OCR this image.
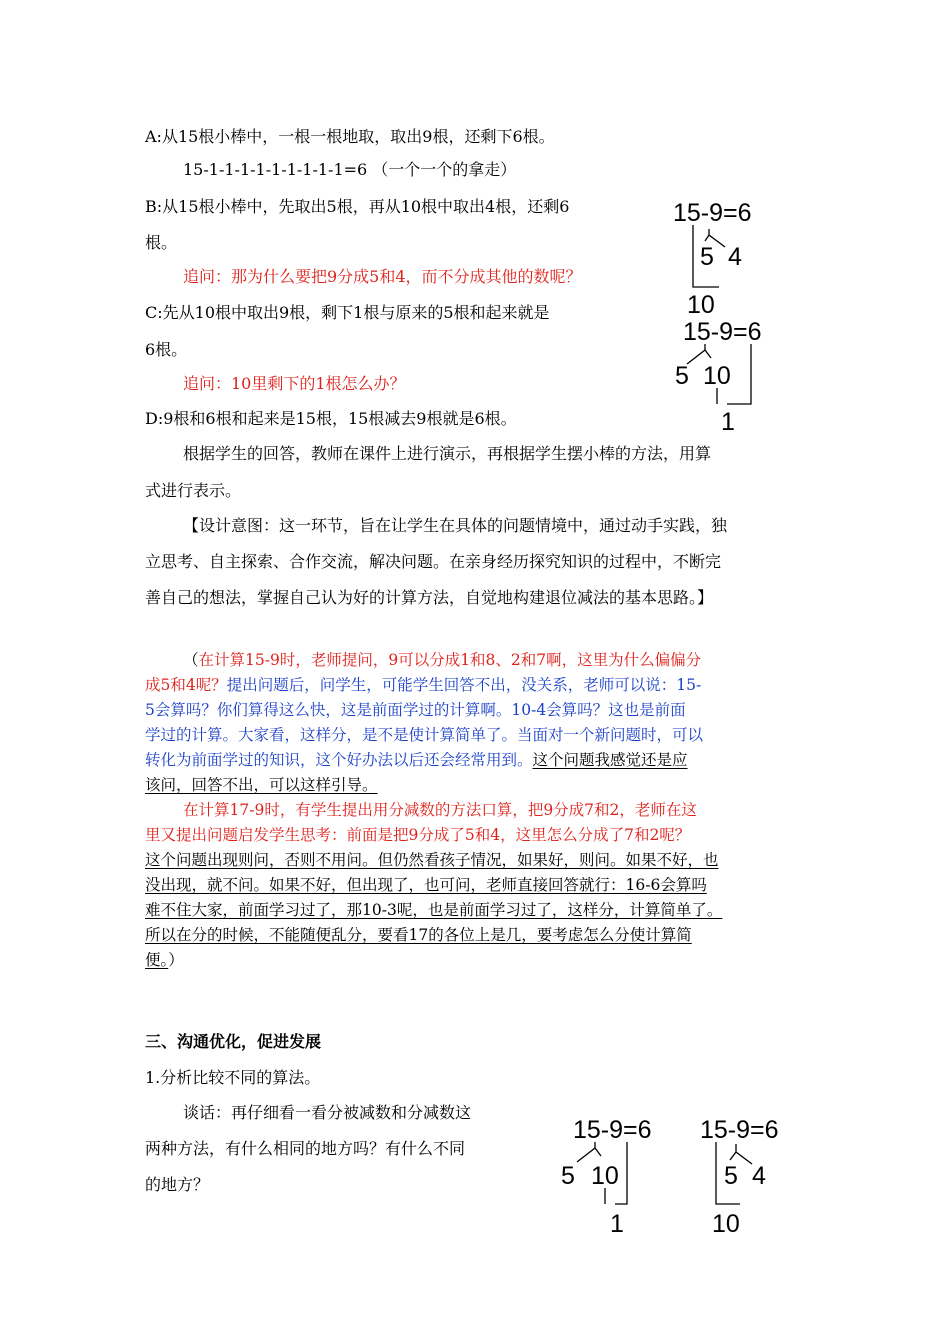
A:从15根小棒中，一根一根地取，取出9根，还剩下6根。
15-1-1-1-1-1-1-1-1-1=6 （一个一个的拿走）
B:从15根小棒中，先取出5根，再从10根中取出4根，还剩6
根。
追问：那为什么要把9分成5和4，而不分成其他的数呢？
C:先从10根中取出9根，剩下1根与原来的5根和起来就是
6根。
追问：10里剩下的1根怎么办？
D:9根和6根和起来是15根，15根减去9根就是6根。
根据学生的回答，教师在课件上进行演示，再根据学生摆小棒的方法，用算
式进行表示。
【设计意图：这一环节，旨在让学生在具体的问题情境中，通过动手实践，独
立思考、自主探索、合作交流，解决问题。在亲身经历探究知识的过程中，不断完
善自己的想法，掌握自己认为好的计算方法，自觉地构建退位减法的基本思路。】
15-9=6
5 4
10
15-9=6
5 10
1
（在计算15-9时，老师提问，9可以分成1和8、2和7啊，这里为什么偏偏分
成5和4呢？提出问题后，问学生，可能学生回答不出，没关系，老师可以说：15-
5会算吗？你们算得这么快，这是前面学过的计算啊。10-4会算吗？这也是前面
学过的计算。大家看，这样分，是不是使计算简单了。当面对一个新问题时，可以
转化为前面学过的知识，这个好办法以后还会经常用到。这个问题我感觉还是应
该问，回答不出，可以这样引导。
在计算17-9时，有学生提出用分减数的方法口算，把9分成7和2，老师在这
里又提出问题启发学生思考：前面是把9分成了5和4，这里怎么分成了7和2呢？
这个问题出现则问，否则不用问。但仍然看孩子情况，如果好，则问。如果不好，也
没出现，就不问。如果不好，但出现了，也可问，老师直接回答就行：16-6会算吗
难不住大家，前面学习过了，那10-3呢，也是前面学习过了，这样分，计算简单了。
所以在分的时候，不能随便乱分，要看17的各位上是几，要考虑怎么分使计算简
便。）
三、沟通优化，促进发展
1.分析比较不同的算法。
谈话：再仔细看一看分被减数和分减数这
两种方法，有什么相同的地方吗？有什么不同
的地方？
15-9=6
5 10
1
15-9=6
5 4
10
